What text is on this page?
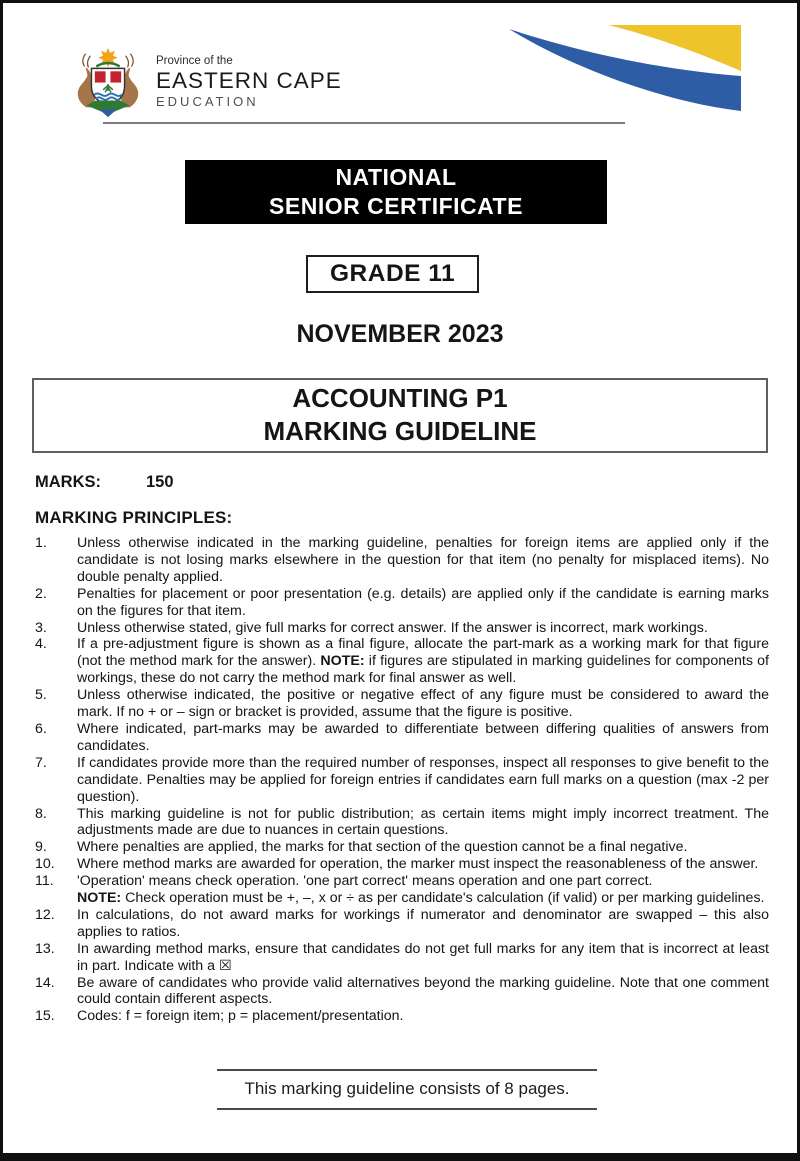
Province of the
EASTERN CAPE
EDUCATION
NATIONAL
SENIOR CERTIFICATE
GRADE 11
NOVEMBER 2023
ACCOUNTING P1
MARKING GUIDELINE
MARKS:	150
MARKING PRINCIPLES:
1.	Unless otherwise indicated in the marking guideline, penalties for foreign items are applied only if the candidate is not losing marks elsewhere in the question for that item (no penalty for misplaced items). No double penalty applied.
2.	Penalties for placement or poor presentation (e.g. details) are applied only if the candidate is earning marks on the figures for that item.
3.	Unless otherwise stated, give full marks for correct answer. If the answer is incorrect, mark workings.
4.	If a pre-adjustment figure is shown as a final figure, allocate the part-mark as a working mark for that figure (not the method mark for the answer). NOTE: if figures are stipulated in marking guidelines for components of workings, these do not carry the method mark for final answer as well.
5.	Unless otherwise indicated, the positive or negative effect of any figure must be considered to award the mark. If no + or – sign or bracket is provided, assume that the figure is positive.
6.	Where indicated, part-marks may be awarded to differentiate between differing qualities of answers from candidates.
7.	If candidates provide more than the required number of responses, inspect all responses to give benefit to the candidate. Penalties may be applied for foreign entries if candidates earn full marks on a question (max -2 per question).
8.	This marking guideline is not for public distribution; as certain items might imply incorrect treatment. The adjustments made are due to nuances in certain questions.
9.	Where penalties are applied, the marks for that section of the question cannot be a final negative.
10.	Where method marks are awarded for operation, the marker must inspect the reasonableness of the answer.
11.	'Operation' means check operation. 'one part correct' means operation and one part correct.
NOTE: Check operation must be +, –, x or ÷ as per candidate's calculation (if valid) or per marking guidelines.
12.	In calculations, do not award marks for workings if numerator and denominator are swapped – this also applies to ratios.
13.	In awarding method marks, ensure that candidates do not get full marks for any item that is incorrect at least in part. Indicate with a ☒
14.	Be aware of candidates who provide valid alternatives beyond the marking guideline. Note that one comment could contain different aspects.
15.	Codes: f = foreign item; p = placement/presentation.
This marking guideline consists of 8 pages.
